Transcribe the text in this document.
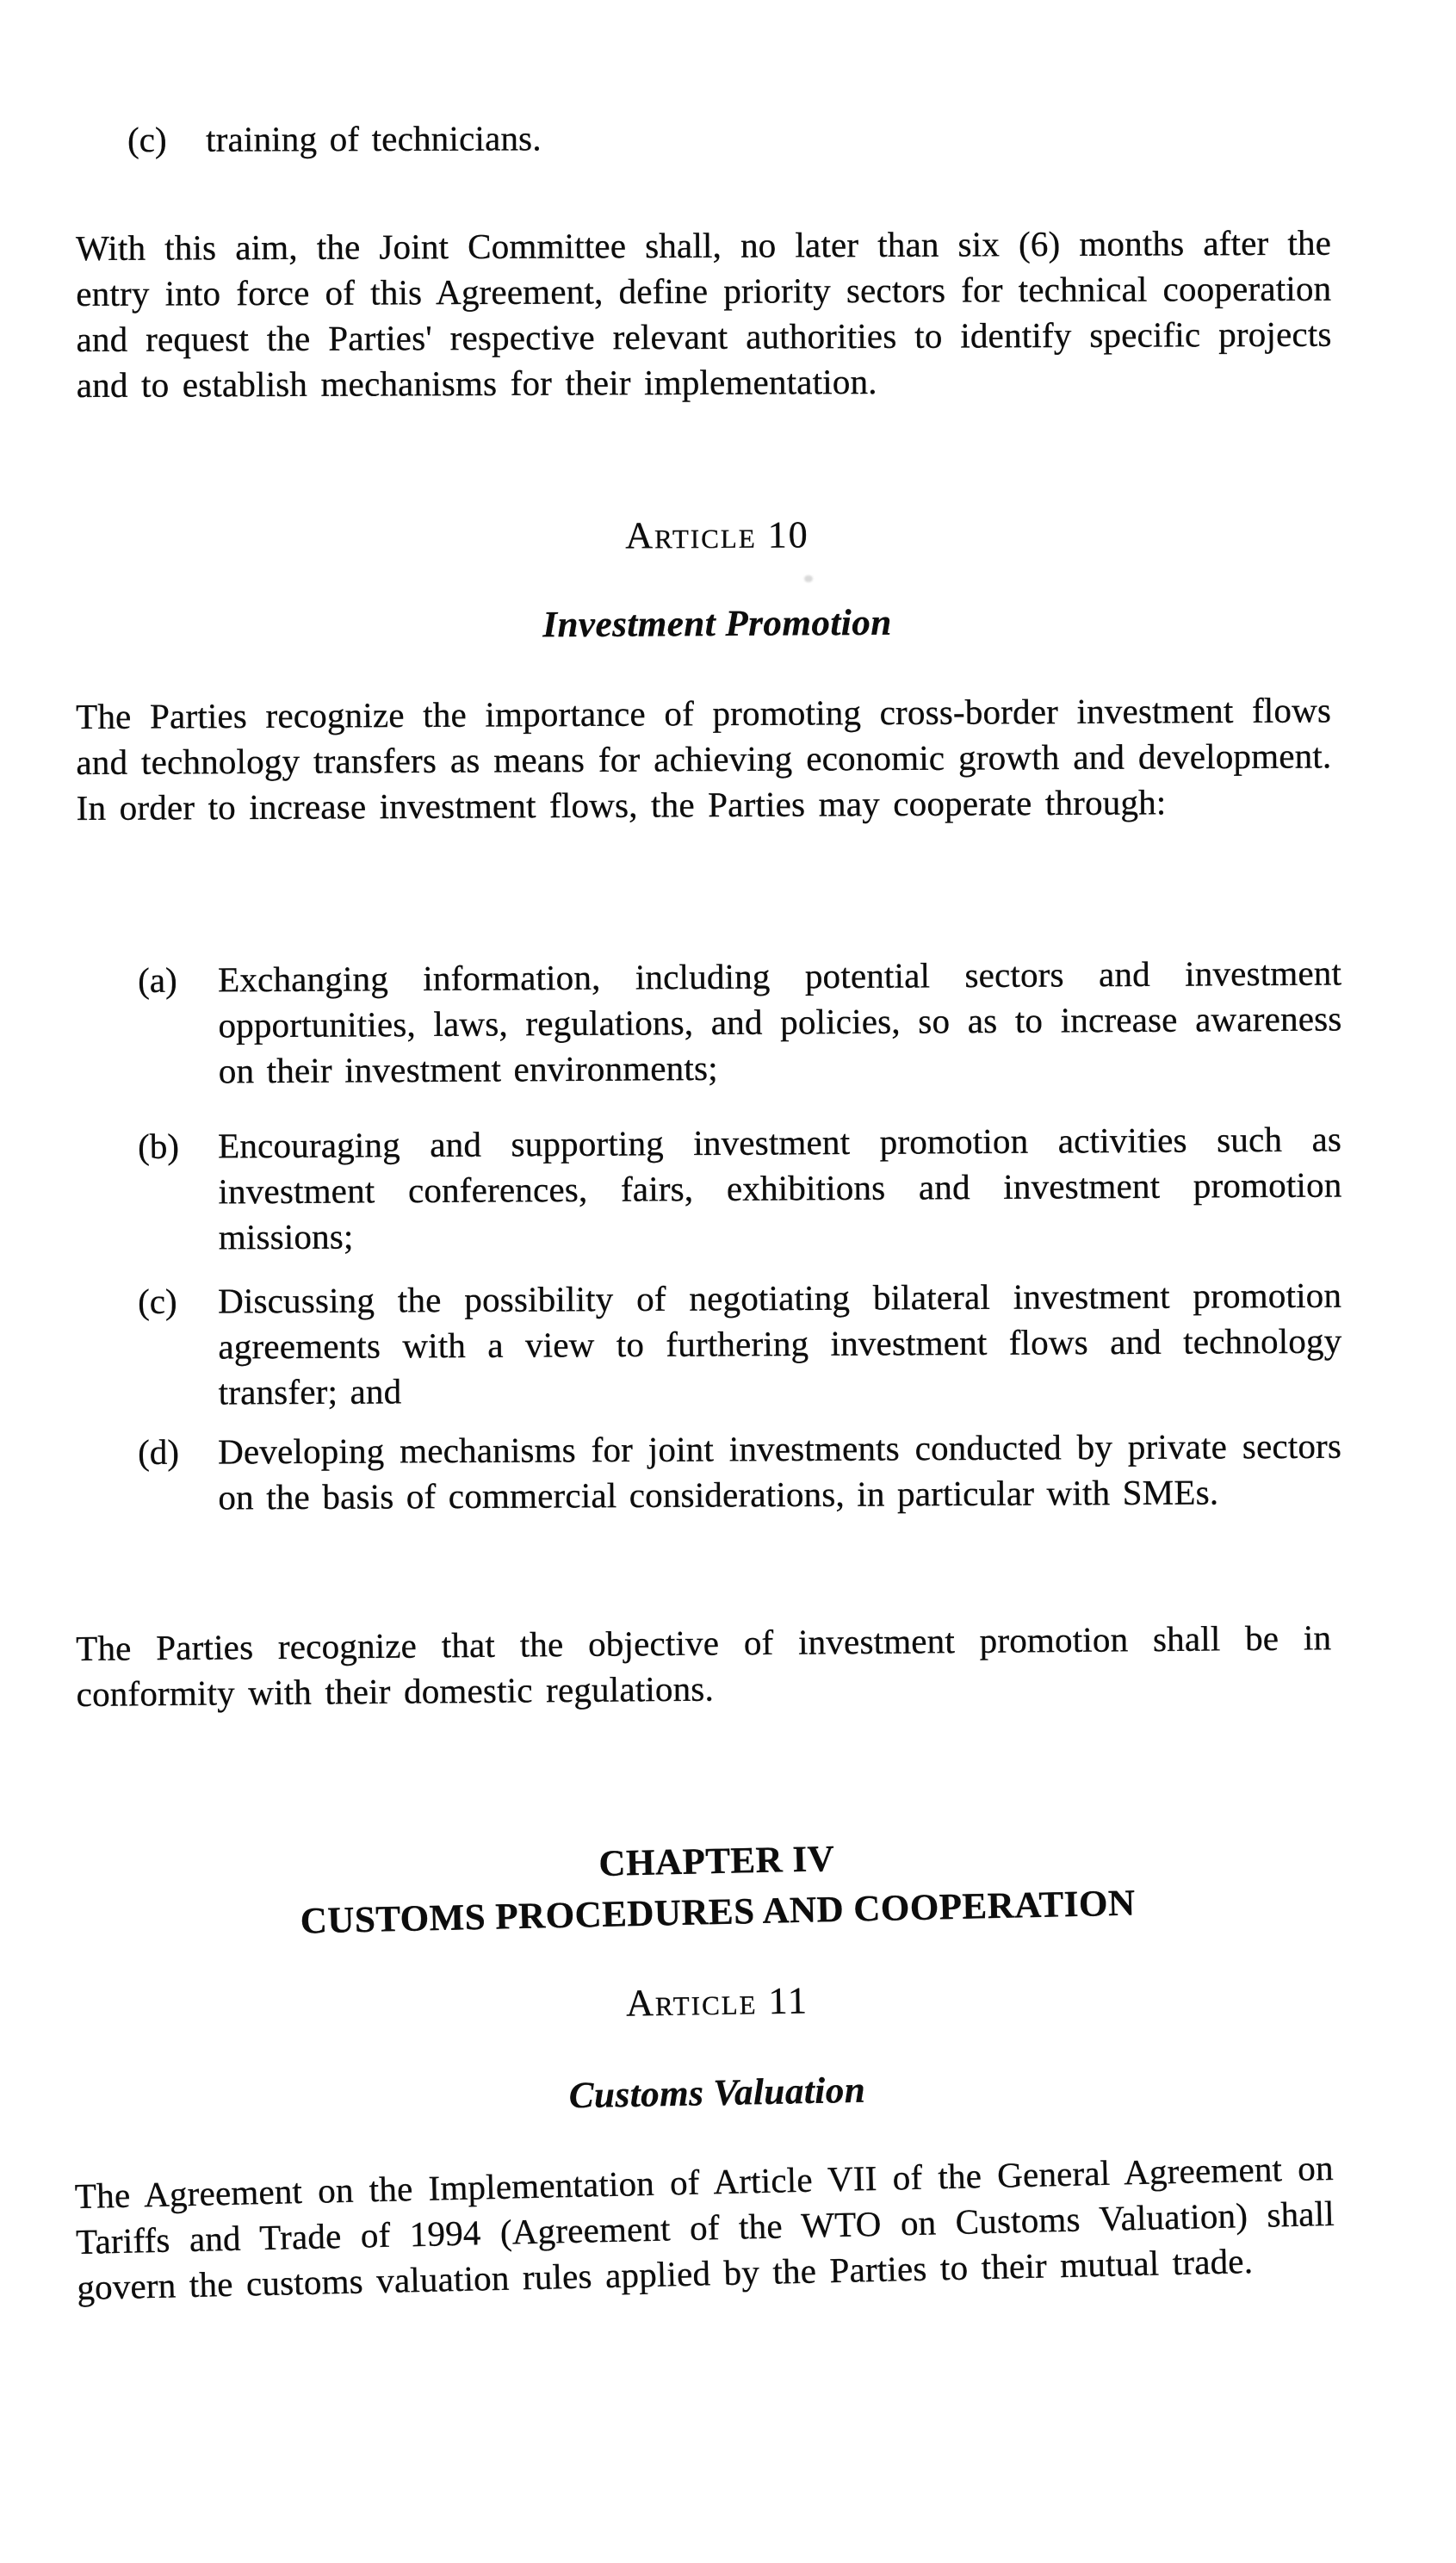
(c)	training of technicians.

With this aim, the Joint Committee shall, no later than six (6) months after the entry into force of this Agreement, define priority sectors for technical cooperation and request the Parties' respective relevant authorities to identify specific projects and to establish mechanisms for their implementation.

Article 10
Investment Promotion

The Parties recognize the importance of promoting cross-border investment flows and technology transfers as means for achieving economic growth and development. In order to increase investment flows, the Parties may cooperate through:

(a)	Exchanging information, including potential sectors and investment opportunities, laws, regulations, and policies, so as to increase awareness on their investment environments;
(b)	Encouraging and supporting investment promotion activities such as investment conferences, fairs, exhibitions and investment promotion missions;
(c)	Discussing the possibility of negotiating bilateral investment promotion agreements with a view to furthering investment flows and technology transfer; and
(d)	Developing mechanisms for joint investments conducted by private sectors on the basis of commercial considerations, in particular with SMEs.

The Parties recognize that the objective of investment promotion shall be in conformity with their domestic regulations.

CHAPTER IV
CUSTOMS PROCEDURES AND COOPERATION
Article 11
Customs Valuation

The Agreement on the Implementation of Article VII of the General Agreement on Tariffs and Trade of 1994 (Agreement of the WTO on Customs Valuation) shall govern the customs valuation rules applied by the Parties to their mutual trade.
